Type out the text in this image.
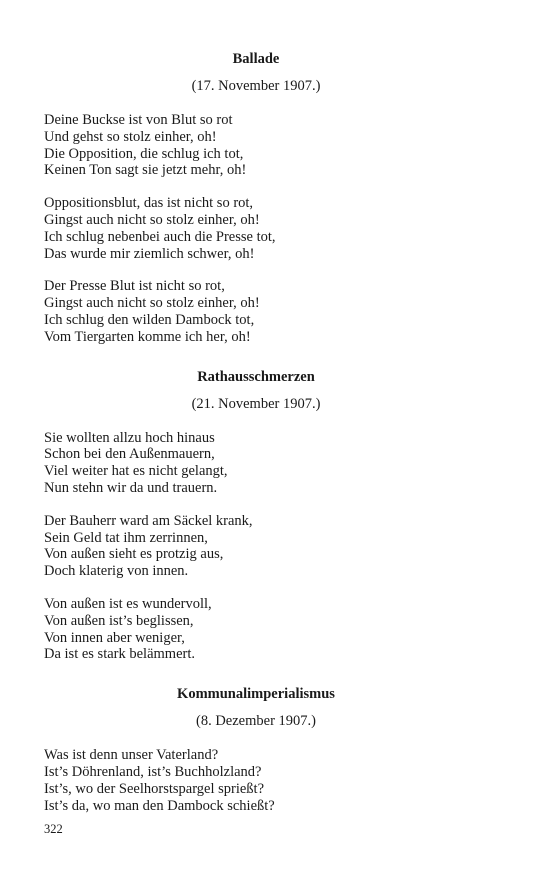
Ballade

(17. November 1907.)

Deine Buckse ist von Blut so rot
Und gehst so stolz einher, oh!
Die Opposition, die schlug ich tot,
Keinen Ton sagt sie jetzt mehr, oh!
Oppositionsblut, das ist nicht so rot,
Gingst auch nicht so stolz einher, oh!
Ich schlug nebenbei auch die Presse tot,
Das wurde mir ziemlich schwer, oh!
Der Presse Blut ist nicht so rot,
Gingst auch nicht so stolz einher, oh!
Ich schlug den wilden Dambock tot,
Vom Tiergarten komme ich her, oh!
Rathausschmerzen

(21. November 1907.)

Sie wollten allzu hoch hinaus
Schon bei den Außenmauern,
Viel weiter hat es nicht gelangt,
Nun stehn wir da und trauern.
Der Bauherr ward am Säckel krank,
Sein Geld tat ihm zerrinnen,
Von außen sieht es protzig aus,
Doch klaterig von innen.
Von außen ist es wundervoll,
Von außen ist’s beglissen,
Von innen aber weniger,
Da ist es stark belämmert.
Kommunalimperialismus

(8. Dezember 1907.)

Was ist denn unser Vaterland?
Ist’s Döhrenland, ist’s Buchholzland?
Ist’s, wo der Seelhorstspargel sprießt?
Ist’s da, wo man den Dambock schießt?
322
